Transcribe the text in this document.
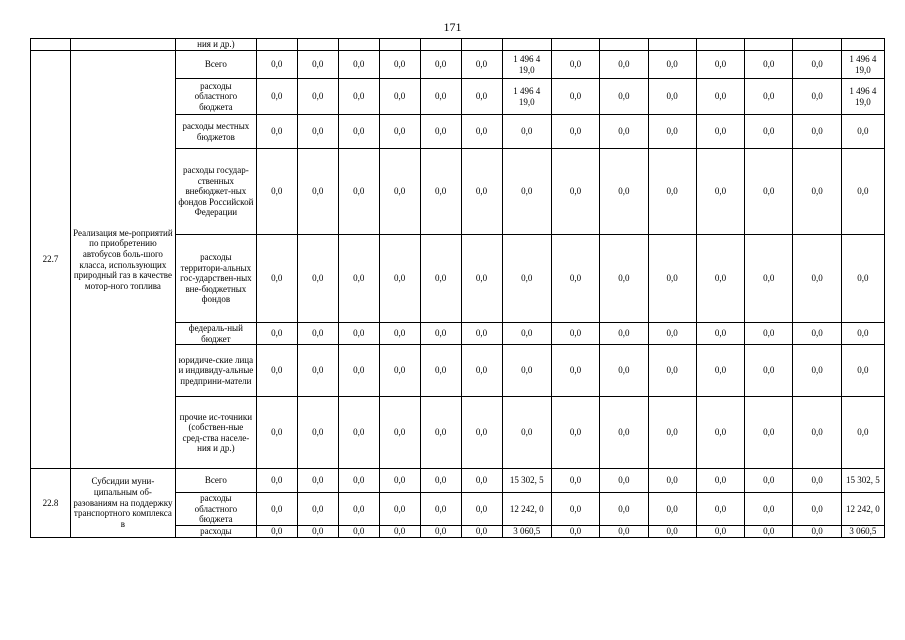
171
		ния и др.)														
22.7	Реализация ме-роприятий по приобретению автобусов боль-шого класса, использующих природный газ в качестве мотор-ного топлива	Всего	0,0	0,0	0,0	0,0	0,0	0,0	1 496 4 19,0	0,0	0,0	0,0	0,0	0,0	0,0	1 496 4 19,0
		расходы областного бюджета	0,0	0,0	0,0	0,0	0,0	0,0	1 496 4 19,0	0,0	0,0	0,0	0,0	0,0	0,0	1 496 4 19,0
		расходы местных бюджетов	0,0	0,0	0,0	0,0	0,0	0,0	0,0	0,0	0,0	0,0	0,0	0,0	0,0	0,0
		расходы государ-ственных внебюджет-ных фондов Российской Федерации	0,0	0,0	0,0	0,0	0,0	0,0	0,0	0,0	0,0	0,0	0,0	0,0	0,0	0,0
		расходы территори-альных гос-ударствен-ных вне-бюджетных фондов	0,0	0,0	0,0	0,0	0,0	0,0	0,0	0,0	0,0	0,0	0,0	0,0	0,0	0,0
		федераль-ный бюджет	0,0	0,0	0,0	0,0	0,0	0,0	0,0	0,0	0,0	0,0	0,0	0,0	0,0	0,0
		юридиче-ские лица и индивиду-альные предприни-матели	0,0	0,0	0,0	0,0	0,0	0,0	0,0	0,0	0,0	0,0	0,0	0,0	0,0	0,0
		прочие ис-точники (собствен-ные сред-ства населе-ния и др.)	0,0	0,0	0,0	0,0	0,0	0,0	0,0	0,0	0,0	0,0	0,0	0,0	0,0	0,0
22.8	Субсидии муни-ципальным об-разованиям на поддержку транспортного комплекса в	Всего	0,0	0,0	0,0	0,0	0,0	0,0	15 302, 5	0,0	0,0	0,0	0,0	0,0	0,0	15 302, 5
		расходы областного бюджета	0,0	0,0	0,0	0,0	0,0	0,0	12 242, 0	0,0	0,0	0,0	0,0	0,0	0,0	12 242, 0
		расходы	0,0	0,0	0,0	0,0	0,0	0,0	3 060,5	0,0	0,0	0,0	0,0	0,0	0,0	3 060,5
